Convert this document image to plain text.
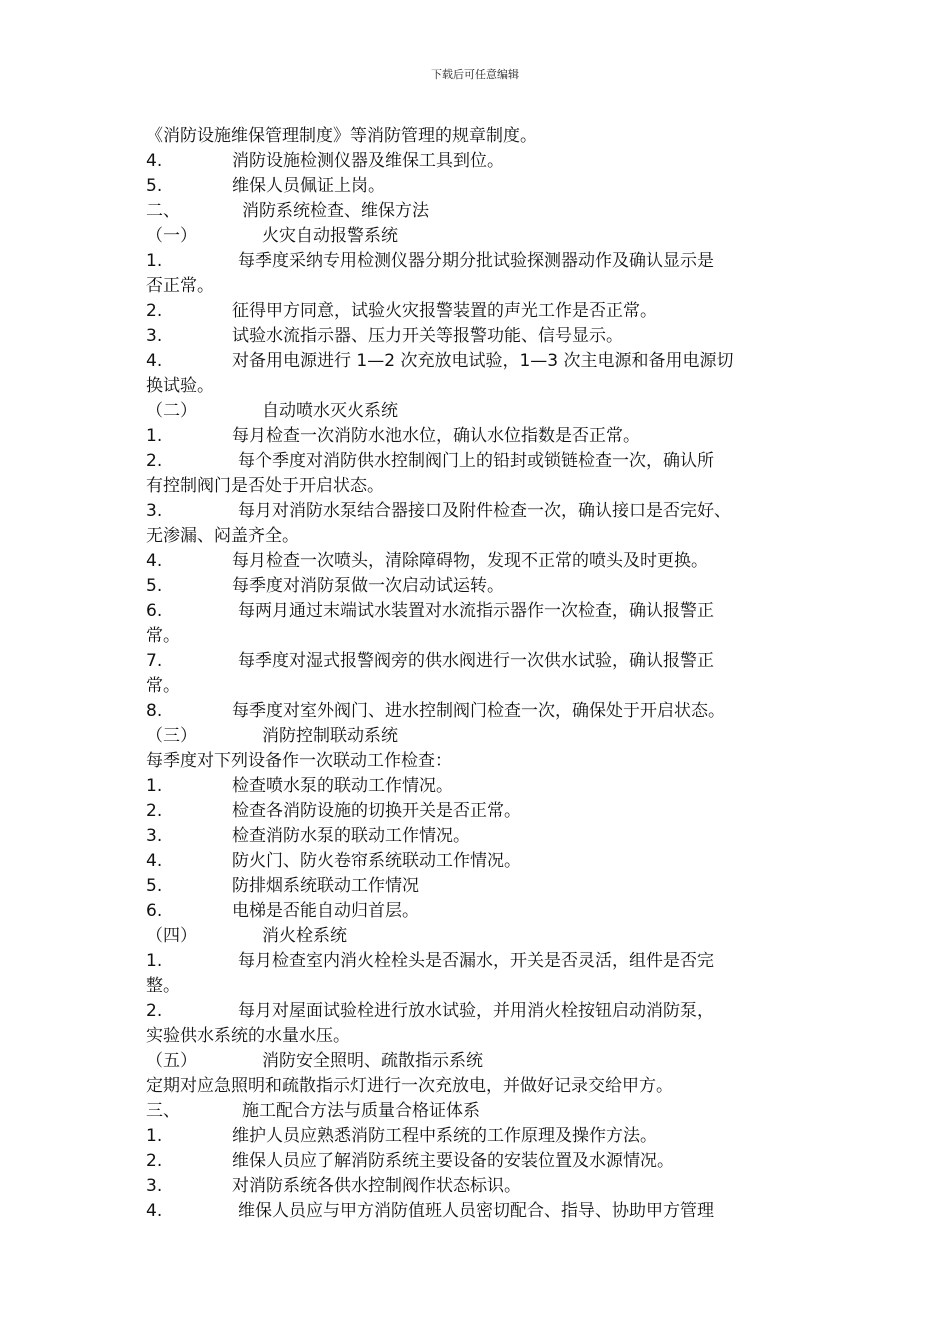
下载后可任意编辑
《消防设施维保管理制度》等消防管理的规章制度。
4.	消防设施检测仪器及维保工具到位。
5.	维保人员佩证上岗。
二、	消防系统检查、维保方法
（一）	火灾自动报警系统
1.	每季度采纳专用检测仪器分期分批试验探测器动作及确认显示是
否正常。
2.	征得甲方同意，试验火灾报警装置的声光工作是否正常。
3.	试验水流指示器、压力开关等报警功能、信号显示。
4.	对备用电源进行 1—2 次充放电试验，1—3 次主电源和备用电源切
换试验。
（二）	自动喷水灭火系统
1.	每月检查一次消防水池水位，确认水位指数是否正常。
2.	每个季度对消防供水控制阀门上的铅封或锁链检查一次，确认所
有控制阀门是否处于开启状态。
3.	每月对消防水泵结合器接口及附件检查一次，确认接口是否完好、
无渗漏、闷盖齐全。
4.	每月检查一次喷头，清除障碍物，发现不正常的喷头及时更换。
5.	每季度对消防泵做一次启动试运转。
6.	每两月通过末端试水装置对水流指示器作一次检查，确认报警正
常。
7.	每季度对湿式报警阀旁的供水阀进行一次供水试验，确认报警正
常。
8.	每季度对室外阀门、进水控制阀门检查一次，确保处于开启状态。
（三）	消防控制联动系统
每季度对下列设备作一次联动工作检查：
1.	检查喷水泵的联动工作情况。
2.	检查各消防设施的切换开关是否正常。
3.	检查消防水泵的联动工作情况。
4.	防火门、防火卷帘系统联动工作情况。
5.	防排烟系统联动工作情况
6.	电梯是否能自动归首层。
（四）	消火栓系统
1.	每月检查室内消火栓栓头是否漏水，开关是否灵活，组件是否完
整。
2.	每月对屋面试验栓进行放水试验，并用消火栓按钮启动消防泵，
实验供水系统的水量水压。
（五）	消防安全照明、疏散指示系统
定期对应急照明和疏散指示灯进行一次充放电，并做好记录交给甲方。
三、	施工配合方法与质量合格证体系
1.	维护人员应熟悉消防工程中系统的工作原理及操作方法。
2.	维保人员应了解消防系统主要设备的安装位置及水源情况。
3.	对消防系统各供水控制阀作状态标识。
4.	维保人员应与甲方消防值班人员密切配合、指导、协助甲方管理
